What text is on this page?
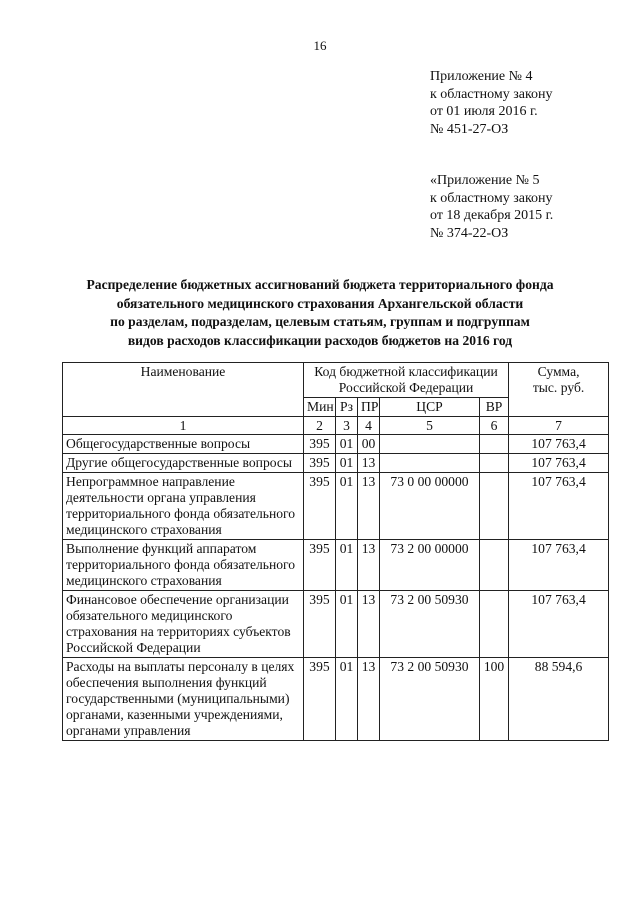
16
Приложение № 4
к областному закону
от 01 июля 2016 г.
№ 451-27-ОЗ
«Приложение № 5
к областному закону
от 18 декабря 2015 г.
№ 374-22-ОЗ
Распределение бюджетных ассигнований бюджета территориального фонда
обязательного медицинского страхования Архангельской области
по разделам, подразделам, целевым статьям, группам и подгруппам
видов расходов классификации расходов бюджетов на 2016 год
Наименование	Код бюджетной классификации
Российской Федерации					Сумма,
тыс. руб.
	Мин	Рз	ПР	ЦСР	ВР	
1	2	3	4	5	6	7
Общегосударственные вопросы	395	01	00			107 763,4
Другие общегосударственные вопросы	395	01	13			107 763,4
Непрограммное направление деятельности органа управления территориального фонда обязательного медицинского страхования	395	01	13	73 0 00 00000		107 763,4
Выполнение функций аппаратом территориального фонда обязательного медицинского страхования	395	01	13	73 2 00 00000		107 763,4
Финансовое обеспечение организации обязательного медицинского страхования на территориях субъектов Российской Федерации	395	01	13	73 2 00 50930		107 763,4
Расходы на выплаты персоналу в целях обеспечения выполнения функций государственными (муниципальными) органами, казенными учреждениями, органами управления	395	01	13	73 2 00 50930	100	88 594,6
